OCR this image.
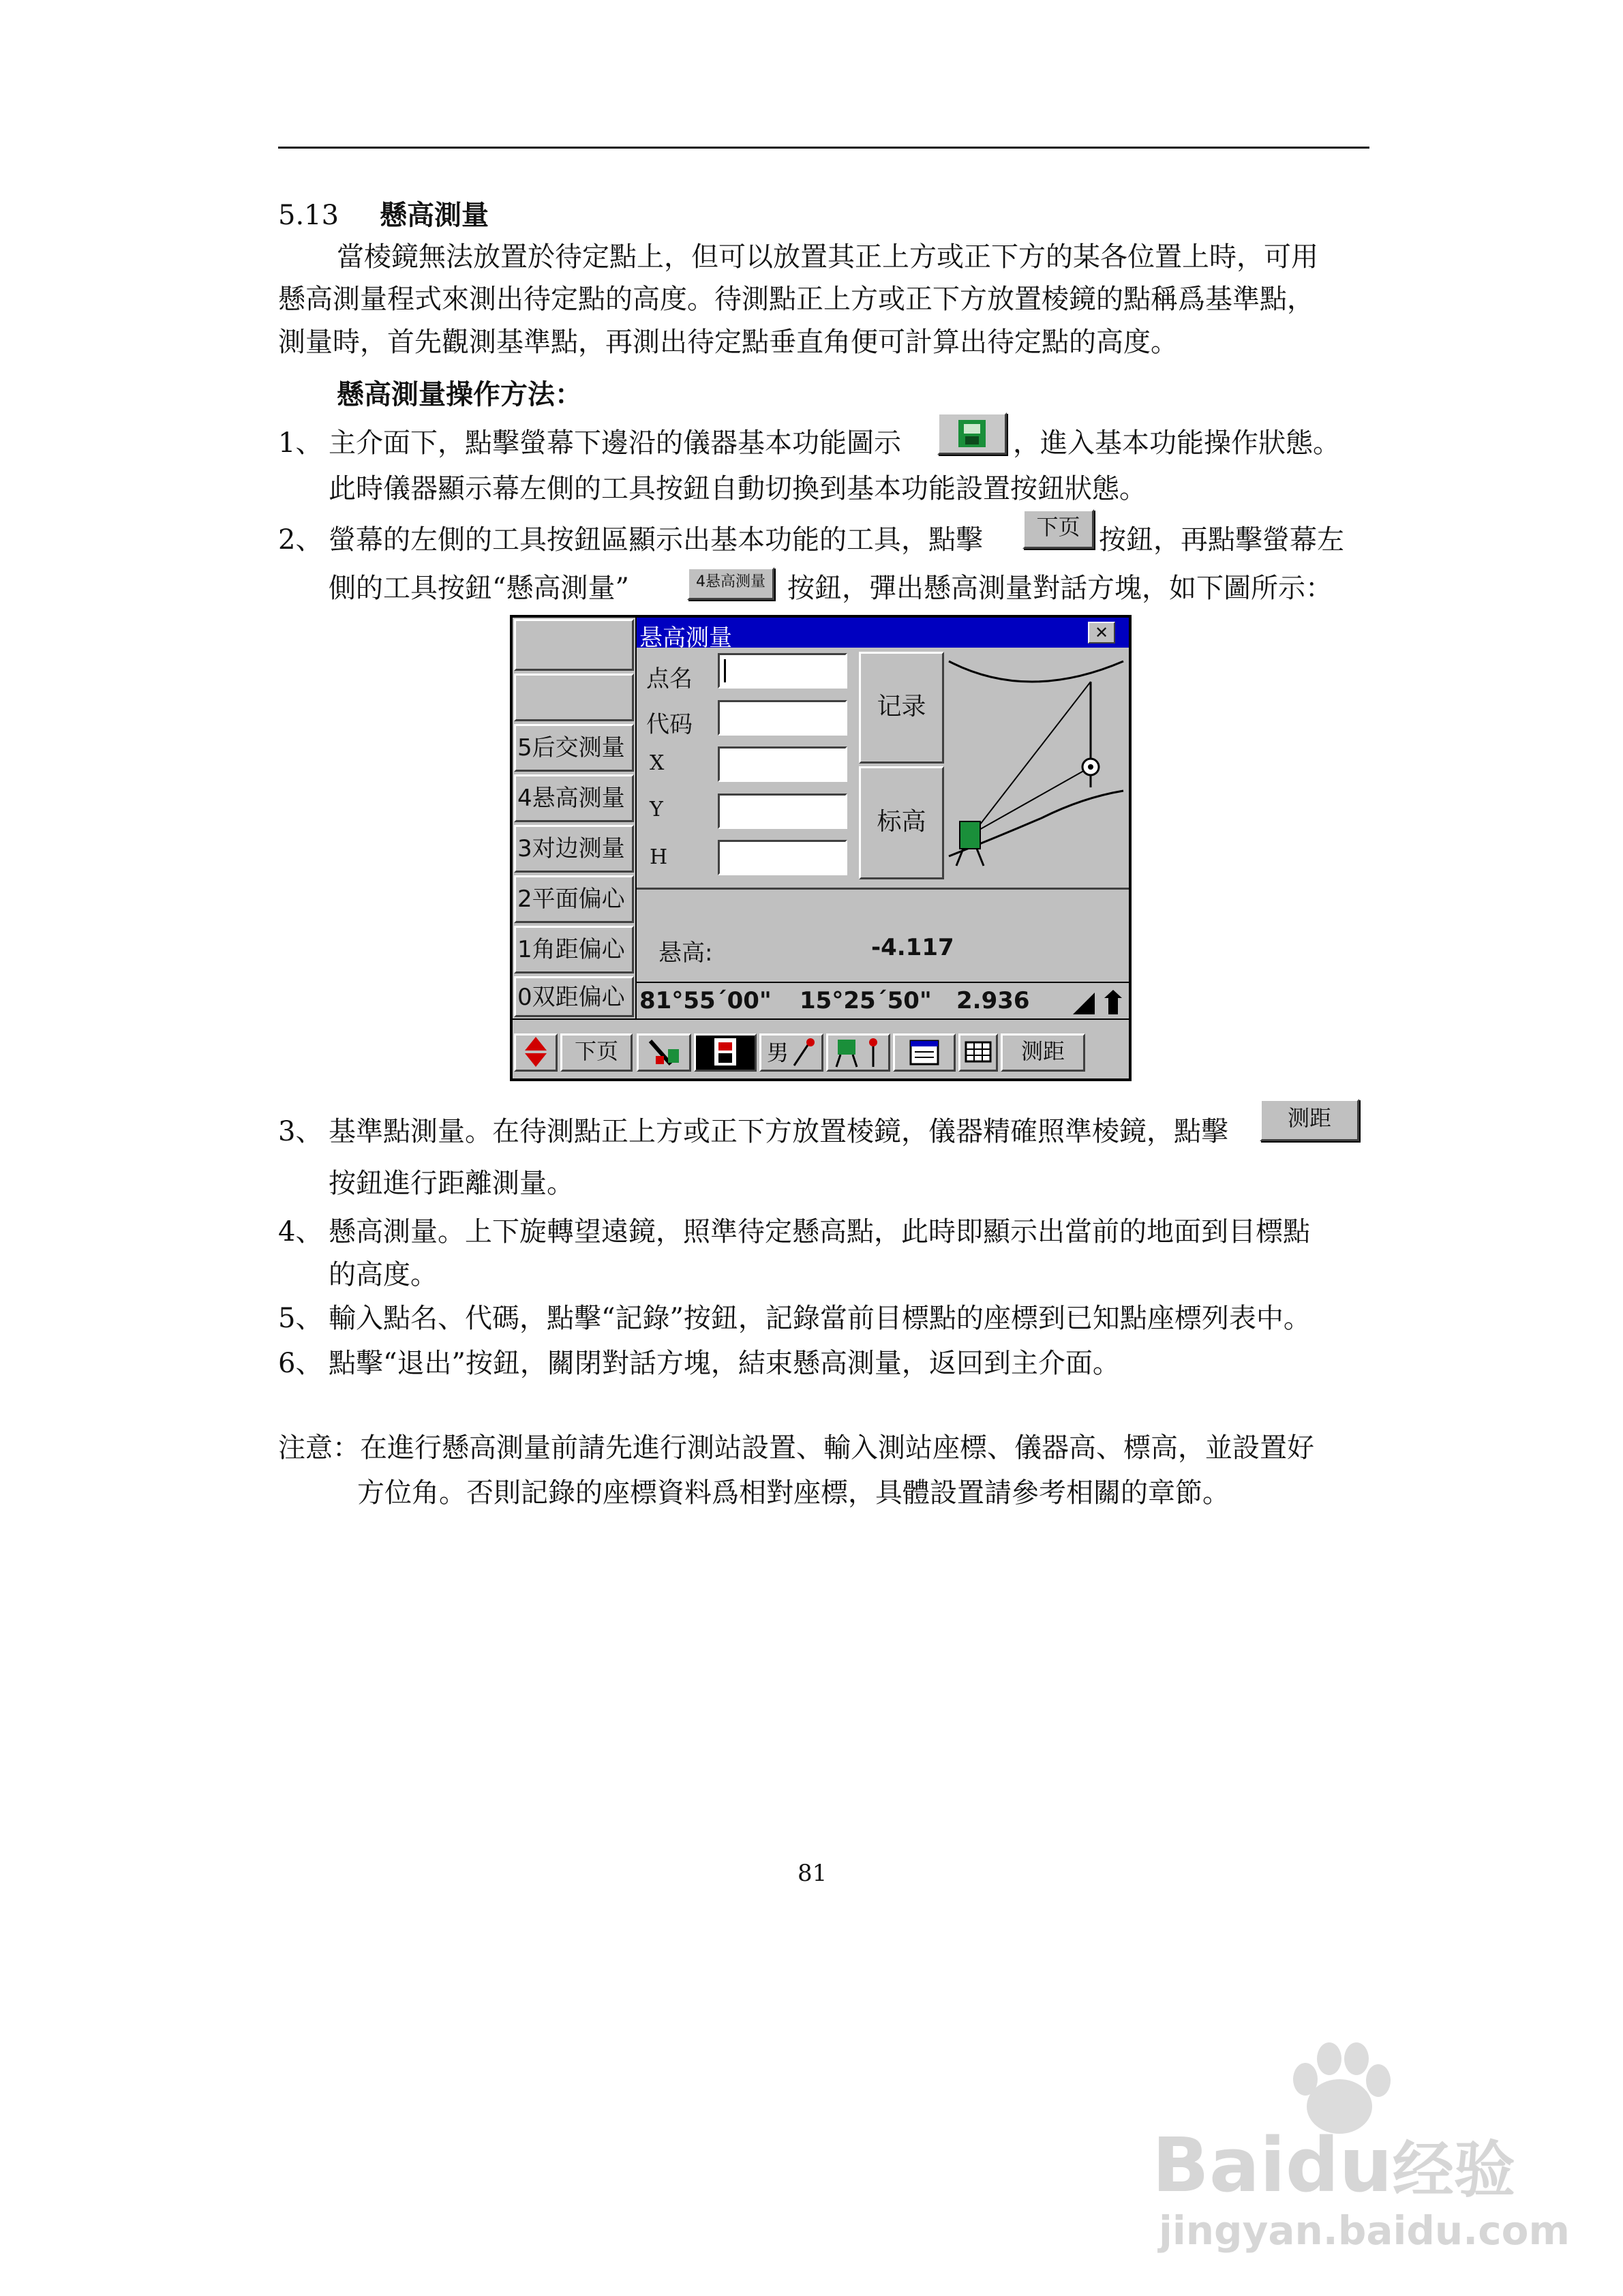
5.13 懸高測量
當棱鏡無法放置於待定點上，但可以放置其正上方或正下方的某各位置上時，可用
懸高測量程式來測出待定點的高度。待測點正上方或正下方放置棱鏡的點稱爲基準點，
測量時，首先觀測基準點，再測出待定點垂直角便可計算出待定點的高度。
懸高測量操作方法：
1、 主介面下，點擊螢幕下邊沿的儀器基本功能圖示	，進入基本功能操作狀態。
此時儀器顯示幕左側的工具按鈕自動切換到基本功能設置按鈕狀態。
2、 螢幕的左側的工具按鈕區顯示出基本功能的工具，點擊	下页 按鈕，再點擊螢幕左
側的工具按鈕“懸高測量”	4悬高测量 按鈕，彈出懸高測量對話方塊，如下圖所示：
5后交测量
4悬高测量
3对边测量
2平面偏心
1角距偏心
0双距偏心
悬高测量	✕
点名
代码
X
Y
H
记录
标高
悬高:	-4.117
81°55´00" 15°25´50" 2.936
下页	男	测距
3、 基準點測量。在待測點正上方或正下方放置棱鏡，儀器精確照準棱鏡，點擊	测距
按鈕進行距離測量。
4、 懸高測量。上下旋轉望遠鏡，照準待定懸高點，此時即顯示出當前的地面到目標點
的高度。
5、 輸入點名、代碼，點擊“記錄”按鈕，記錄當前目標點的座標到已知點座標列表中。
6、 點擊“退出”按鈕，關閉對話方塊，結束懸高測量，返回到主介面。
注意：在進行懸高測量前請先進行測站設置、輸入測站座標、儀器高、標高，並設置好
方位角。否則記錄的座標資料爲相對座標，具體設置請參考相關的章節。
81
Baidu经验
jingyan.baidu.com
